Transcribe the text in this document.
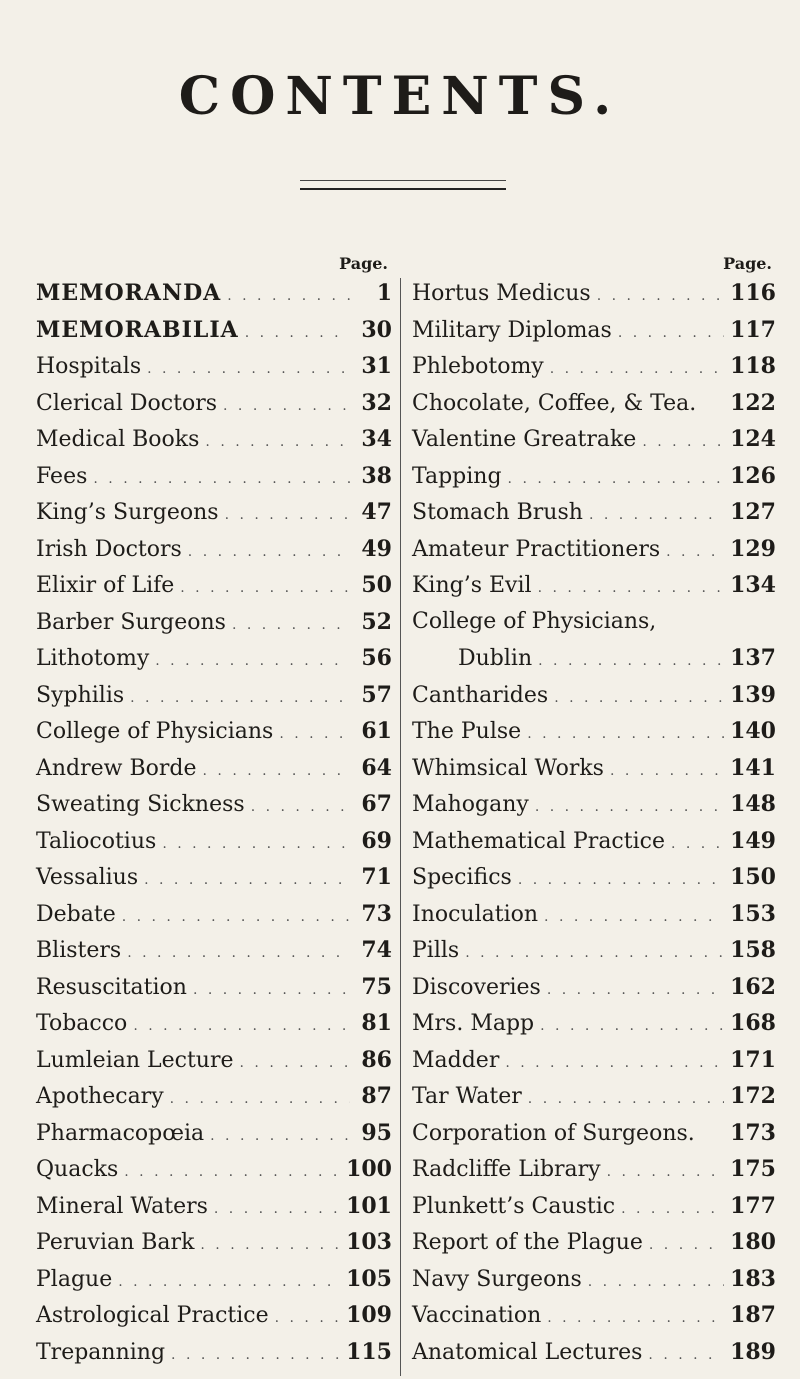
CONTENTS.
Page.
MEMORANDA . . .	1
MEMORABILIA . . .	30
Hospitals . . .	31
Clerical Doctors . . .	32
Medical Books . . .	34
Fees . . .	38
King’s Surgeons . . .	47
Irish Doctors . . .	49
Elixir of Life . . .	50
Barber Surgeons . . .	52
Lithotomy . . .	56
Syphilis . . .	57
College of Physicians . . .	61
Andrew Borde . . .	64
Sweating Sickness . . .	67
Taliocotius . . .	69
Vessalius . . .	71
Debate . . .	73
Blisters . . .	74
Resuscitation . . .	75
Tobacco . . .	81
Lumleian Lecture . . .	86
Apothecary . . .	87
Pharmacopœia . . .	95
Quacks . . .	100
Mineral Waters . . .	101
Peruvian Bark . . .	103
Plague . . .	105
Astrological Practice . . .	109
Trepanning . . .	115
Page.
Hortus Medicus . . .	116
Military Diplomas . . .	117
Phlebotomy . . .	118
Chocolate, Coffee, & Tea. 122
Valentine Greatrake . . .	124
Tapping . . .	126
Stomach Brush . . .	127
Amateur Practitioners . . .	129
King’s Evil . . .	134
College of Physicians,
Dublin . . .	137
Cantharides . . .	139
The Pulse . . .	140
Whimsical Works . . .	141
Mahogany . . .	148
Mathematical Practice . . .	149
Specifics . . .	150
Inoculation . . .	153
Pills . . .	158
Discoveries . . .	162
Mrs. Mapp . . .	168
Madder . . .	171
Tar Water . . .	172
Corporation of Surgeons. 173
Radcliffe Library . . .	175
Plunkett’s Caustic . . .	177
Report of the Plague . . .	180
Navy Surgeons . . .	183
Vaccination . . .	187
Anatomical Lectures . . .	189
